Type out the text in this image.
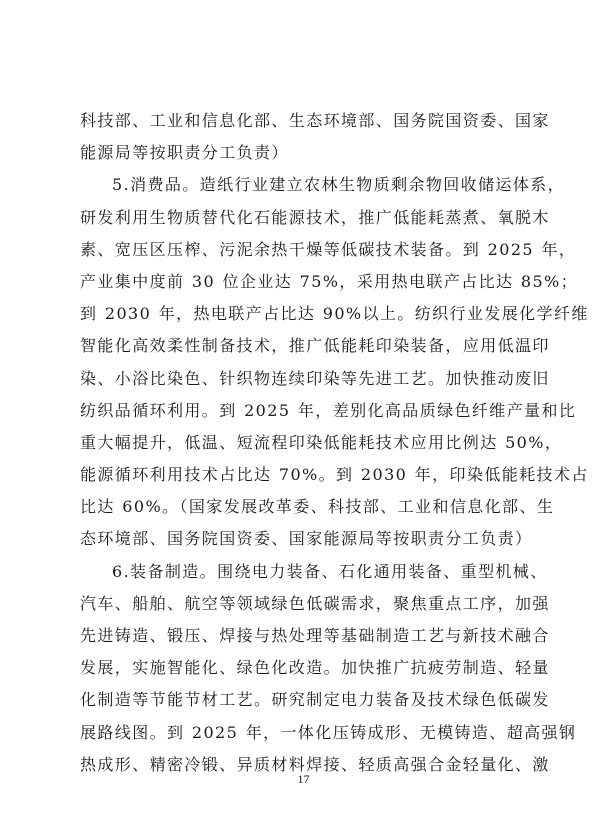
科技部、工业和信息化部、生态环境部、国务院国资委、国家
能源局等按职责分工负责）
5.消费品。造纸行业建立农林生物质剩余物回收储运体系，
研发利用生物质替代化石能源技术，推广低能耗蒸煮、氧脱木
素、宽压区压榨、污泥余热干燥等低碳技术装备。到 2025 年，
产业集中度前 30 位企业达 75%，采用热电联产占比达 85%；
到 2030 年，热电联产占比达 90%以上。纺织行业发展化学纤维
智能化高效柔性制备技术，推广低能耗印染装备，应用低温印
染、小浴比染色、针织物连续印染等先进工艺。加快推动废旧
纺织品循环利用。到 2025 年，差别化高品质绿色纤维产量和比
重大幅提升，低温、短流程印染低能耗技术应用比例达 50%，
能源循环利用技术占比达 70%。到 2030 年，印染低能耗技术占
比达 60%。（国家发展改革委、科技部、工业和信息化部、生
态环境部、国务院国资委、国家能源局等按职责分工负责）
6.装备制造。围绕电力装备、石化通用装备、重型机械、
汽车、船舶、航空等领域绿色低碳需求，聚焦重点工序，加强
先进铸造、锻压、焊接与热处理等基础制造工艺与新技术融合
发展，实施智能化、绿色化改造。加快推广抗疲劳制造、轻量
化制造等节能节材工艺。研究制定电力装备及技术绿色低碳发
展路线图。到 2025 年，一体化压铸成形、无模铸造、超高强钢
热成形、精密冷锻、异质材料焊接、轻质高强合金轻量化、激
17
